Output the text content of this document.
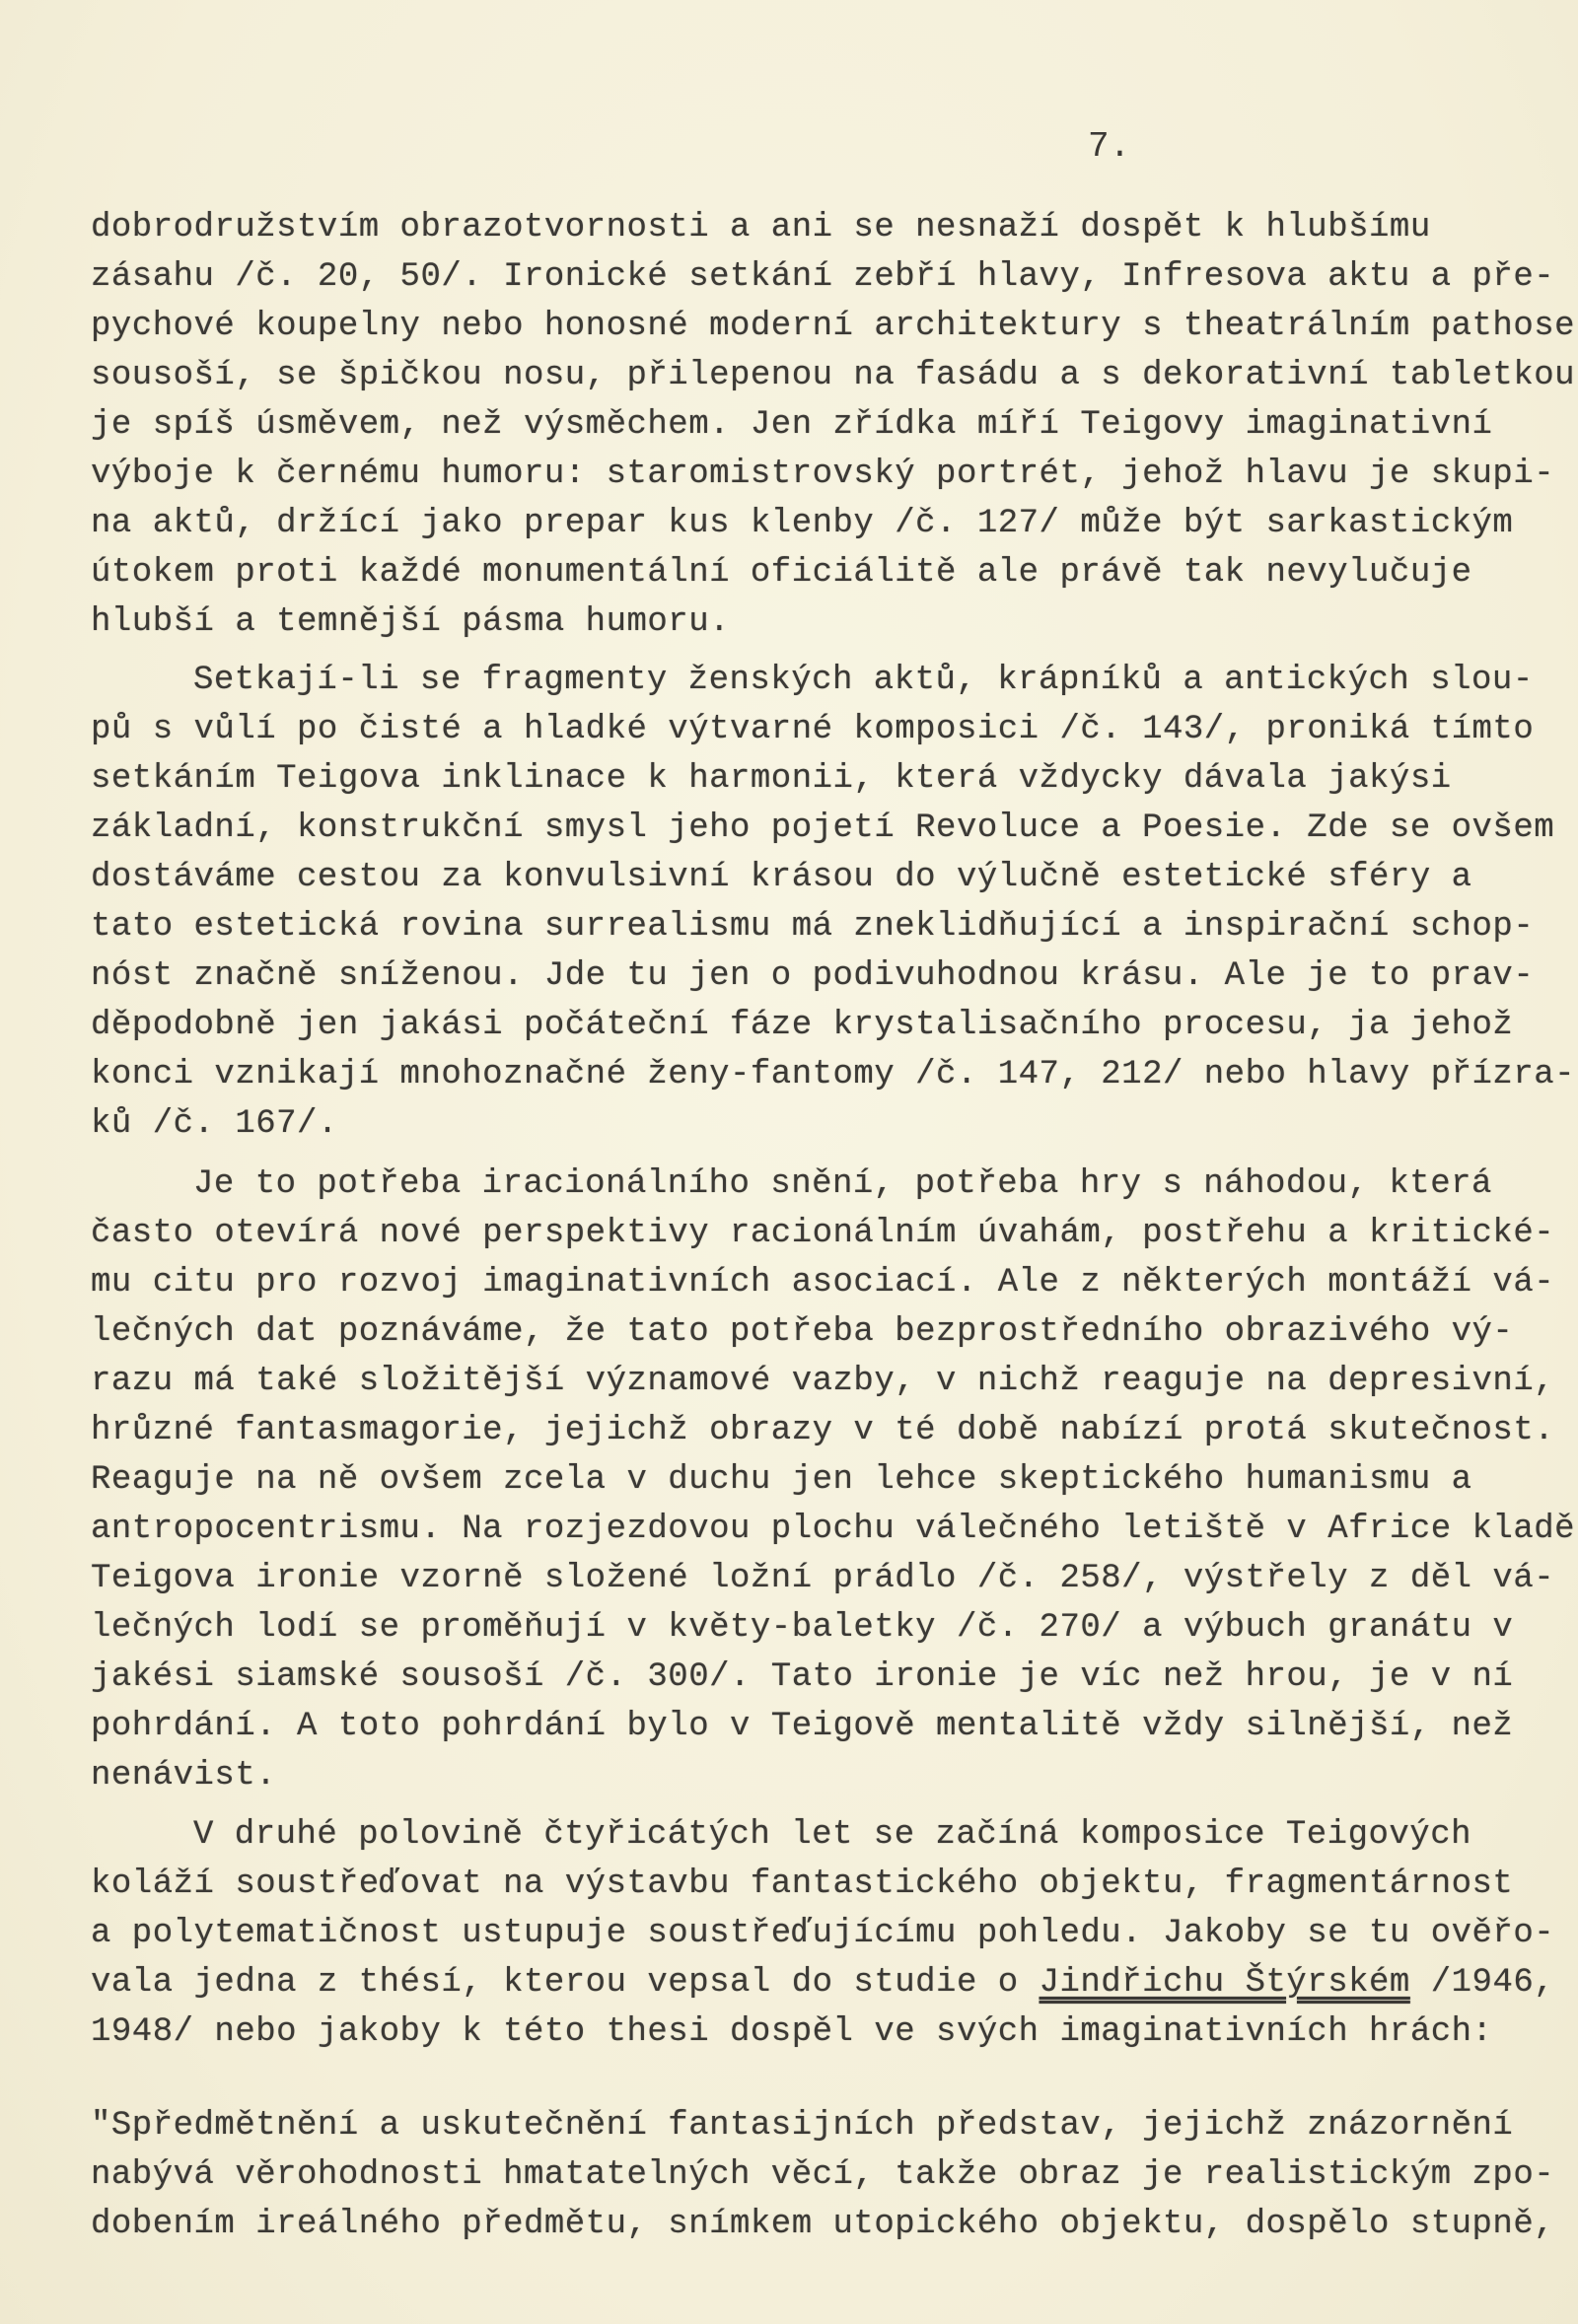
7.
dobrodružstvím obrazotvornosti a ani se nesnaží dospět k hlubšímu
zásahu /č. 20, 50/. Ironické setkání zebří hlavy, Infresova aktu a pře-
pychové koupelny nebo honosné moderní architektury s theatrálním pathose
sousoší, se špičkou nosu, přilepenou na fasádu a s dekorativní tabletkou
je spíš úsměvem, než výsměchem. Jen zřídka míří Teigovy imaginativní
výboje k černému humoru: staromistrovský portrét, jehož hlavu je skupi-
na aktů, držící jako prepar kus klenby /č. 127/ může být sarkastickým
útokem proti každé monumentální oficiálitě ale právě tak nevylučuje
hlubší a temnější pásma humoru.
Setkají-li se fragmenty ženských aktů, krápníků a antických slou-
pů s vůlí po čisté a hladké výtvarné komposici /č. 143/, proniká tímto
setkáním Teigova inklinace k harmonii, která vždycky dávala jakýsi
základní, konstrukční smysl jeho pojetí Revoluce a Poesie. Zde se ovšem
dostáváme cestou za konvulsivní krásou do výlučně estetické sféry a
tato estetická rovina surrealismu má zneklidňující a inspirační schop-
nóst značně sníženou. Jde tu jen o podivuhodnou krásu. Ale je to prav-
děpodobně jen jakási počáteční fáze krystalisačního procesu, ja jehož
konci vznikají mnohoznačné ženy-fantomy /č. 147, 212/ nebo hlavy přízra-
ků /č. 167/.
Je to potřeba iracionálního snění, potřeba hry s náhodou, která
často otevírá nové perspektivy racionálním úvahám, postřehu a kritické-
mu citu pro rozvoj imaginativních asociací. Ale z některých montáží vá-
lečných dat poznáváme, že tato potřeba bezprostředního obrazivého vý-
razu má také složitější významové vazby, v nichž reaguje na depresivní,
hrůzné fantasmagorie, jejichž obrazy v té době nabízí protá skutečnost.
Reaguje na ně ovšem zcela v duchu jen lehce skeptického humanismu a
antropocentrismu. Na rozjezdovou plochu válečného letiště v Africe kladě
Teigova ironie vzorně složené ložní prádlo /č. 258/, výstřely z děl vá-
lečných lodí se proměňují v květy-baletky /č. 270/ a výbuch granátu v
jakési siamské sousoší /č. 300/. Tato ironie je víc než hrou, je v ní
pohrdání. A toto pohrdání bylo v Teigově mentalitě vždy silnější, než
nenávist.
V druhé polovině čtyřicátých let se začíná komposice Teigových
koláží soustřeďovat na výstavbu fantastického objektu, fragmentárnost
a polytematičnost ustupuje soustřeďujícímu pohledu. Jakoby se tu ověřo-
vala jedna z thésí, kterou vepsal do studie o Jindřichu Štýrském /1946,
1948/ nebo jakoby k této thesi dospěl ve svých imaginativních hrách:
"Spředmětnění a uskutečnění fantasijních představ, jejichž znázornění
nabývá věrohodnosti hmatatelných věcí, takže obraz je realistickým zpo-
dobením ireálného předmětu, snímkem utopického objektu, dospělo stupně,
